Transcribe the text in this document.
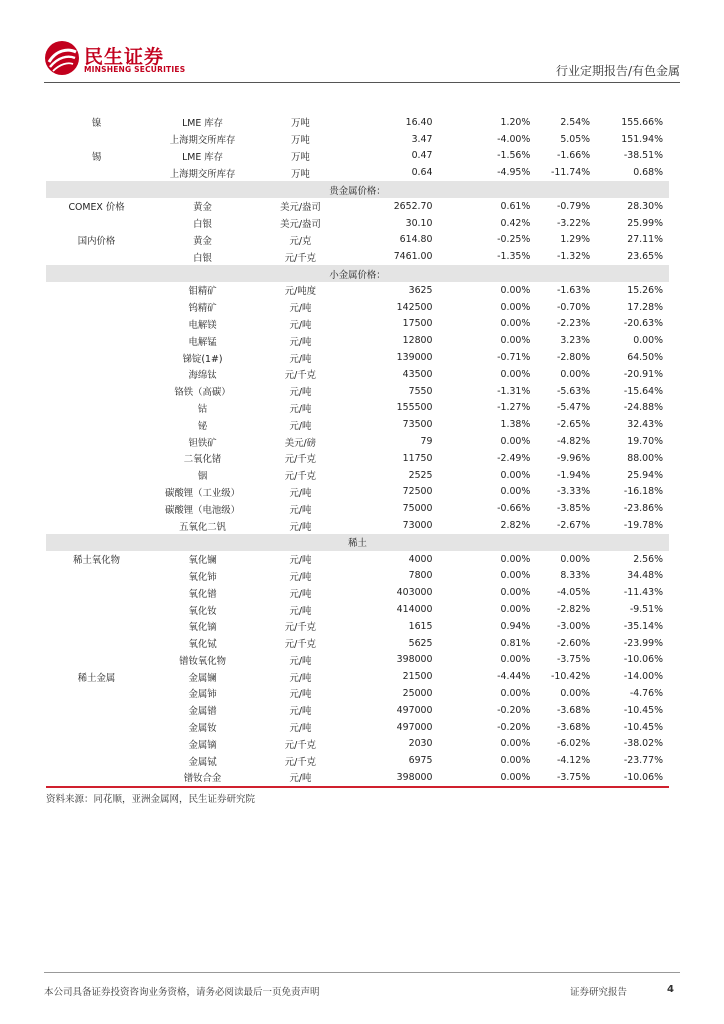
民生证券
MINSHENG SECURITIES	行业定期报告/有色金属
镍	LME 库存	万吨	16.40	1.20%	2.54%	155.66%
	上海期交所库存	万吨	3.47	-4.00%	5.05%	151.94%
锡	LME 库存	万吨	0.47	-1.56%	-1.66%	-38.51%
	上海期交所库存	万吨	0.64	-4.95%	-11.74%	0.68%
贵金属价格：						
COMEX 价格	黄金	美元/盎司	2652.70	0.61%	-0.79%	28.30%
	白银	美元/盎司	30.10	0.42%	-3.22%	25.99%
国内价格	黄金	元/克	614.80	-0.25%	1.29%	27.11%
	白银	元/千克	7461.00	-1.35%	-1.32%	23.65%
小金属价格：						
	钼精矿	元/吨度	3625	0.00%	-1.63%	15.26%
	钨精矿	元/吨	142500	0.00%	-0.70%	17.28%
	电解镁	元/吨	17500	0.00%	-2.23%	-20.63%
	电解锰	元/吨	12800	0.00%	3.23%	0.00%
	锑锭(1#)	元/吨	139000	-0.71%	-2.80%	64.50%
	海绵钛	元/千克	43500	0.00%	0.00%	-20.91%
	铬铁（高碳）	元/吨	7550	-1.31%	-5.63%	-15.64%
	钴	元/吨	155500	-1.27%	-5.47%	-24.88%
	铋	元/吨	73500	1.38%	-2.65%	32.43%
	钽铁矿	美元/磅	79	0.00%	-4.82%	19.70%
	二氧化锗	元/千克	11750	-2.49%	-9.96%	88.00%
	铟	元/千克	2525	0.00%	-1.94%	25.94%
	碳酸锂（工业级）	元/吨	72500	0.00%	-3.33%	-16.18%
	碳酸锂（电池级）	元/吨	75000	-0.66%	-3.85%	-23.86%
	五氧化二钒	元/吨	73000	2.82%	-2.67%	-19.78%
稀土						
稀土氧化物	氧化镧	元/吨	4000	0.00%	0.00%	2.56%
	氧化铈	元/吨	7800	0.00%	8.33%	34.48%
	氧化镨	元/吨	403000	0.00%	-4.05%	-11.43%
	氧化钕	元/吨	414000	0.00%	-2.82%	-9.51%
	氧化镝	元/千克	1615	0.94%	-3.00%	-35.14%
	氧化铽	元/千克	5625	0.81%	-2.60%	-23.99%
	镨钕氧化物	元/吨	398000	0.00%	-3.75%	-10.06%
稀土金属	金属镧	元/吨	21500	-4.44%	-10.42%	-14.00%
	金属铈	元/吨	25000	0.00%	0.00%	-4.76%
	金属镨	元/吨	497000	-0.20%	-3.68%	-10.45%
	金属钕	元/吨	497000	-0.20%	-3.68%	-10.45%
	金属镝	元/千克	2030	0.00%	-6.02%	-38.02%
	金属铽	元/千克	6975	0.00%	-4.12%	-23.77%
	镨钕合金	元/吨	398000	0.00%	-3.75%	-10.06%
资料来源：同花顺，亚洲金属网，民生证券研究院
本公司具备证券投资咨询业务资格，请务必阅读最后一页免责声明	证券研究报告	4
